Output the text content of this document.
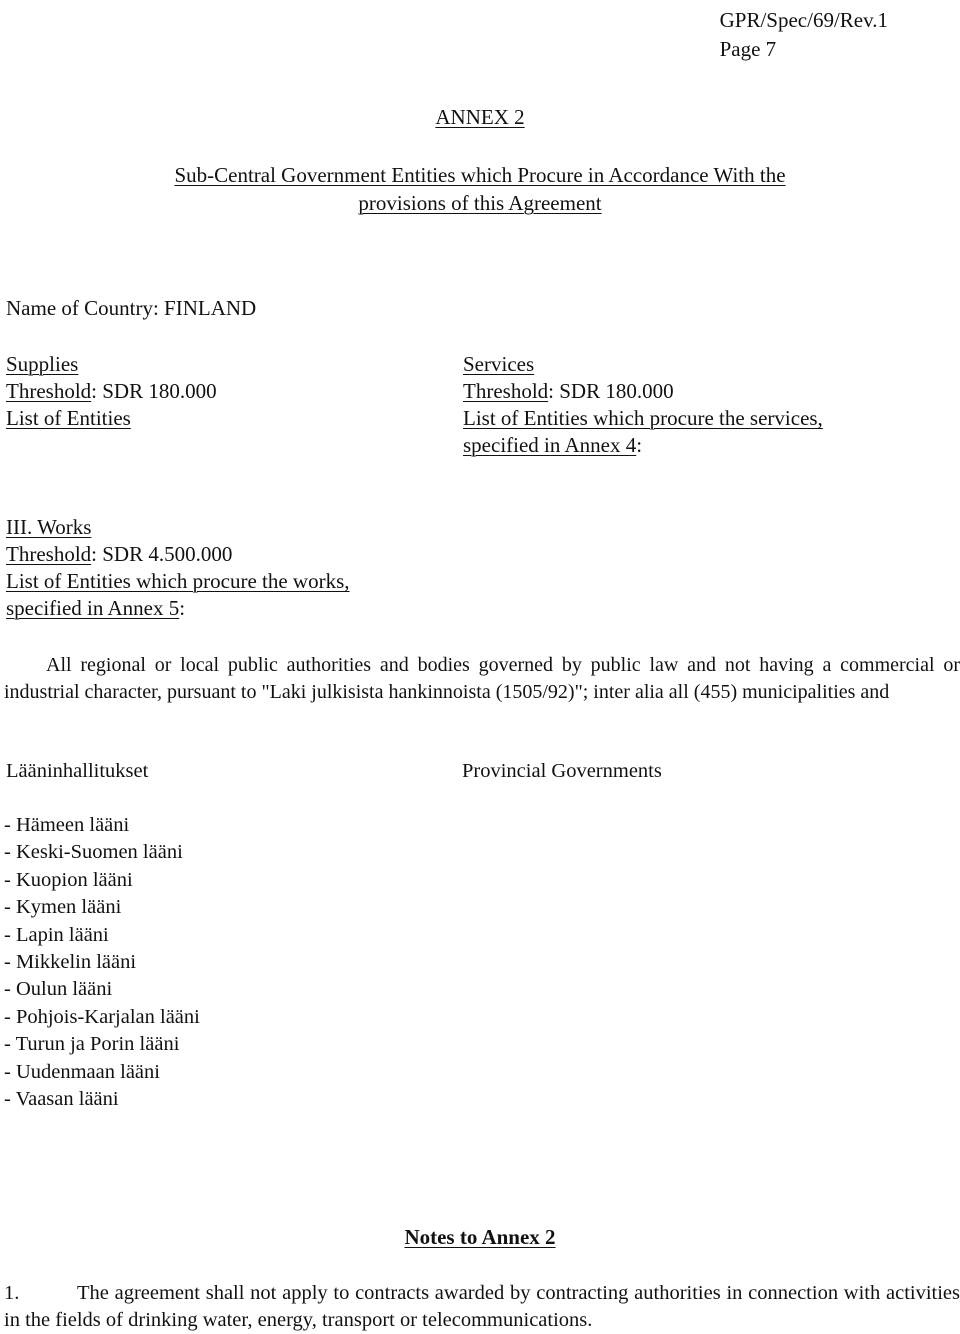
GPR/Spec/69/Rev.1
Page 7
ANNEX 2
Sub-Central Government Entities which Procure in Accordance With the
provisions of this Agreement
Name of Country: FINLAND
Supplies
Threshold: SDR 180.000
List of Entities
Services
Threshold: SDR 180.000
List of Entities which procure the services,
specified in Annex 4:
III. Works
Threshold: SDR 4.500.000
List of Entities which procure the works,
specified in Annex 5:
All regional or local public authorities and bodies governed by public law and not having a commercial or industrial character, pursuant to "Laki julkisista hankinnoista (1505/92)"; inter alia all (455) municipalities and
Lääninhallitukset	Provincial Governments
- Hämeen lääni
- Keski-Suomen lääni
- Kuopion lääni
- Kymen lääni
- Lapin lääni
- Mikkelin lääni
- Oulun lääni
- Pohjois-Karjalan lääni
- Turun ja Porin lääni
- Uudenmaan lääni
- Vaasan lääni
Notes to Annex 2
1.	The agreement shall not apply to contracts awarded by contracting authorities in connection with activities in the fields of drinking water, energy, transport or telecommunications.
